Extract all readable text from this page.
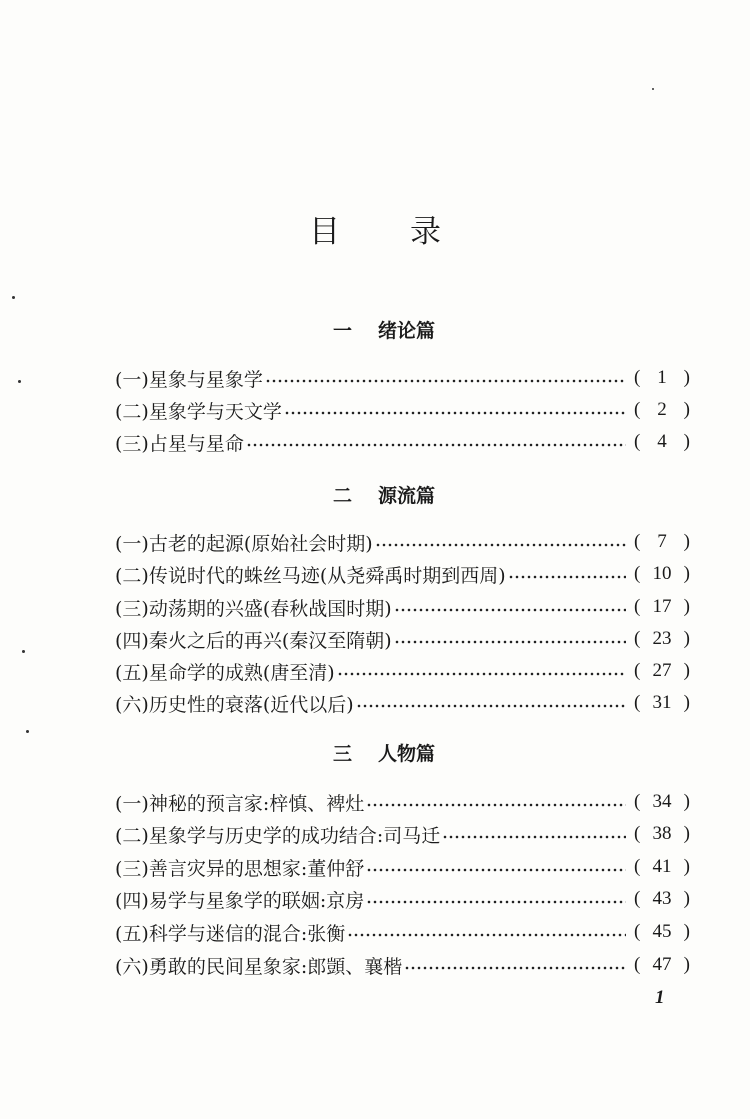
目 录
一 绪论篇
(一)星象与星象学	( 1 )
(二)星象学与天文学	( 2 )
(三)占星与星命	( 4 )
二 源流篇
(一)古老的起源(原始社会时期)	( 7 )
(二)传说时代的蛛丝马迹(从尧舜禹时期到西周)	( 10 )
(三)动荡期的兴盛(春秋战国时期)	( 17 )
(四)秦火之后的再兴(秦汉至隋朝)	( 23 )
(五)星命学的成熟(唐至清)	( 27 )
(六)历史性的衰落(近代以后)	( 31 )
三 人物篇
(一)神秘的预言家:梓慎、裨灶	( 34 )
(二)星象学与历史学的成功结合:司马迁	( 38 )
(三)善言灾异的思想家:董仲舒	( 41 )
(四)易学与星象学的联姻:京房	( 43 )
(五)科学与迷信的混合:张衡	( 45 )
(六)勇敢的民间星象家:郎顗、襄楷	( 47 )
1
